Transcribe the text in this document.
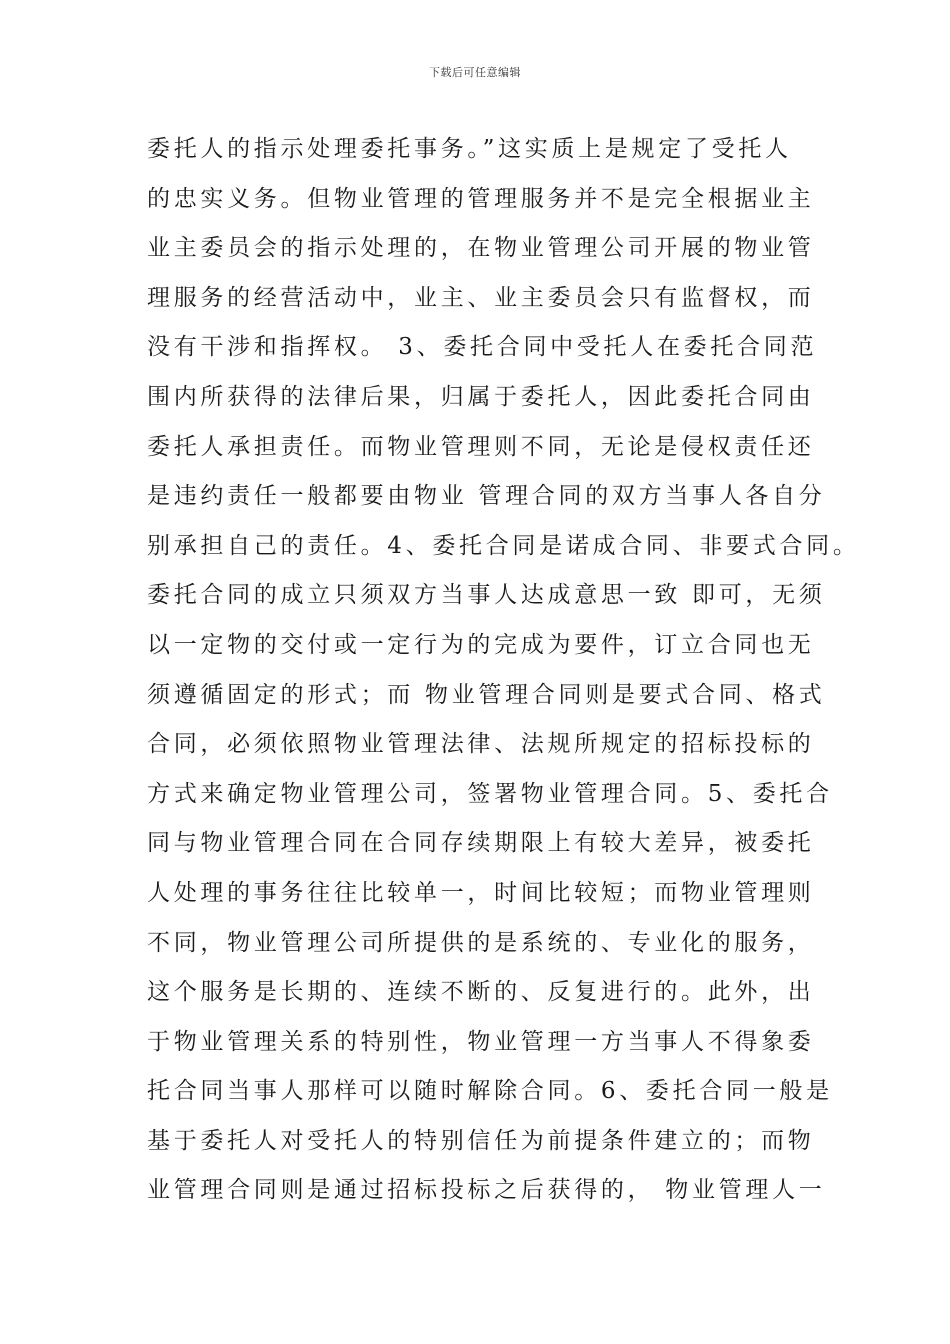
下载后可任意编辑
委托人的指示处理委托事务。”这实质上是规定了受托人
的忠实义务。但物业管理的管理服务并不是完全根据业主
业主委员会的指示处理的，在物业管理公司开展的物业管
理服务的经营活动中，业主、业主委员会只有监督权，而
没有干涉和指挥权。 3、委托合同中受托人在委托合同范
围内所获得的法律后果，归属于委托人，因此委托合同由
委托人承担责任。而物业管理则不同，无论是侵权责任还
是违约责任一般都要由物业 管理合同的双方当事人各自分
别承担自己的责任。4、委托合同是诺成合同、非要式合同。
委托合同的成立只须双方当事人达成意思一致 即可，无须
以一定物的交付或一定行为的完成为要件，订立合同也无
须遵循固定的形式；而 物业管理合同则是要式合同、格式
合同，必须依照物业管理法律、法规所规定的招标投标的
方式来确定物业管理公司，签署物业管理合同。5、委托合
同与物业管理合同在合同存续期限上有较大差异，被委托
人处理的事务往往比较单一，时间比较短；而物业管理则
不同，物业管理公司所提供的是系统的、专业化的服务，
这个服务是长期的、连续不断的、反复进行的。此外，出
于物业管理关系的特别性，物业管理一方当事人不得象委
托合同当事人那样可以随时解除合同。6、委托合同一般是
基于委托人对受托人的特别信任为前提条件建立的；而物
业管理合同则是通过招标投标之后获得的， 物业管理人一
